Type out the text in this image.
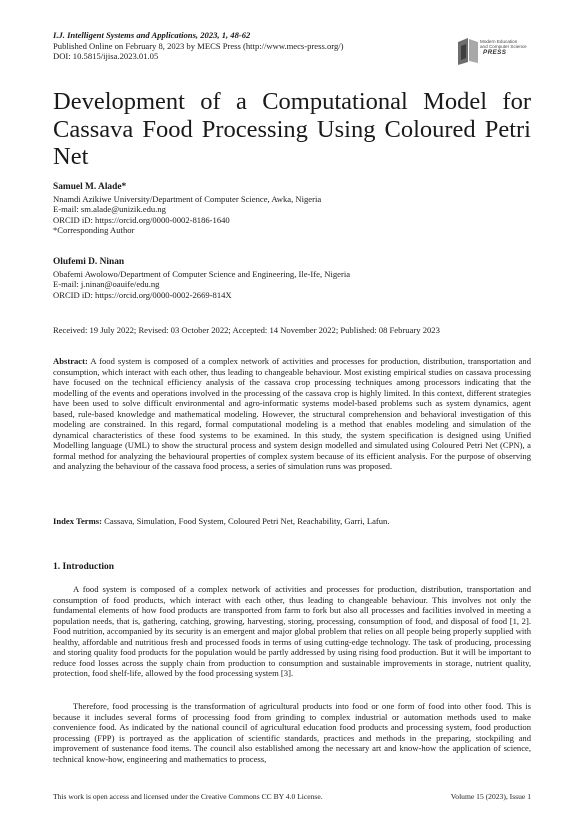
I.J. Intelligent Systems and Applications, 2023, 1, 48-62
Published Online on February 8, 2023 by MECS Press (http://www.mecs-press.org/)
DOI: 10.5815/ijisa.2023.01.05
Modern Education
and Computer Science
PRESS
Development of a Computational Model for Cassava Food Processing Using Coloured Petri Net
Samuel M. Alade*
Nnamdi Azikiwe University/Department of Computer Science, Awka, Nigeria
E-mail: sm.alade@unizik.edu.ng
ORCID iD: https://orcid.org/0000-0002-8186-1640
*Corresponding Author
Olufemi D. Ninan
Obafemi Awolowo/Department of Computer Science and Engineering, Ile-Ife, Nigeria
E-mail: j.ninan@oauife/edu.ng
ORCID iD: https://orcid.org/0000-0002-2669-814X
Received: 19 July 2022; Revised: 03 October 2022; Accepted: 14 November 2022; Published: 08 February 2023

Abstract: A food system is composed of a complex network of activities and processes for production, distribution, transportation and consumption, which interact with each other, thus leading to changeable behaviour. Most existing empirical studies on cassava processing have focused on the technical efficiency analysis of the cassava crop processing techniques among processors indicating that the modelling of the events and operations involved in the processing of the cassava crop is highly limited. In this context, different strategies have been used to solve difficult environmental and agro-informatic systems model-based problems such as system dynamics, agent based, rule-based knowledge and mathematical modeling. However, the structural comprehension and behavioral investigation of this modeling are constrained. In this regard, formal computational modeling is a method that enables modeling and simulation of the dynamical characteristics of these food systems to be examined. In this study, the system specification is designed using Unified Modelling language (UML) to show the structural process and system design modelled and simulated using Coloured Petri Net (CPN), a formal method for analyzing the behavioural properties of complex system because of its efficient analysis. For the purpose of observing and analyzing the behaviour of the cassava food process, a series of simulation runs was proposed.

Index Terms: Cassava, Simulation, Food System, Coloured Petri Net, Reachability, Garri, Lafun.

1. Introduction

A food system is composed of a complex network of activities and processes for production, distribution, transportation and consumption of food products, which interact with each other, thus leading to changeable behaviour. This involves not only the fundamental elements of how food products are transported from farm to fork but also all processes and facilities involved in meeting a population needs, that is, gathering, catching, growing, harvesting, storing, processing, consumption of food, and disposal of food [1, 2]. Food nutrition, accompanied by its security is an emergent and major global problem that relies on all people being properly supplied with healthy, affordable and nutritious fresh and processed foods in terms of using cutting-edge technology. The task of producing, processing and storing quality food products for the population would be partly addressed by using rising food production. But it will be important to reduce food losses across the supply chain from production to consumption and sustainable improvements in storage, nutrient quality, protection, food shelf-life, allowed by the food processing system [3].

Therefore, food processing is the transformation of agricultural products into food or one form of food into other food. This is because it includes several forms of processing food from grinding to complex industrial or automation methods used to make convenience food. As indicated by the national council of agricultural education food products and processing system, food production processing (FPP) is portrayed as the application of scientific standards, practices and methods in the preparing, stockpiling and improvement of sustenance food items. The council also established among the necessary art and know-how the application of science, technical know-how, engineering and mathematics to process,

This work is open access and licensed under the Creative Commons CC BY 4.0 License.	Volume 15 (2023), Issue 1
